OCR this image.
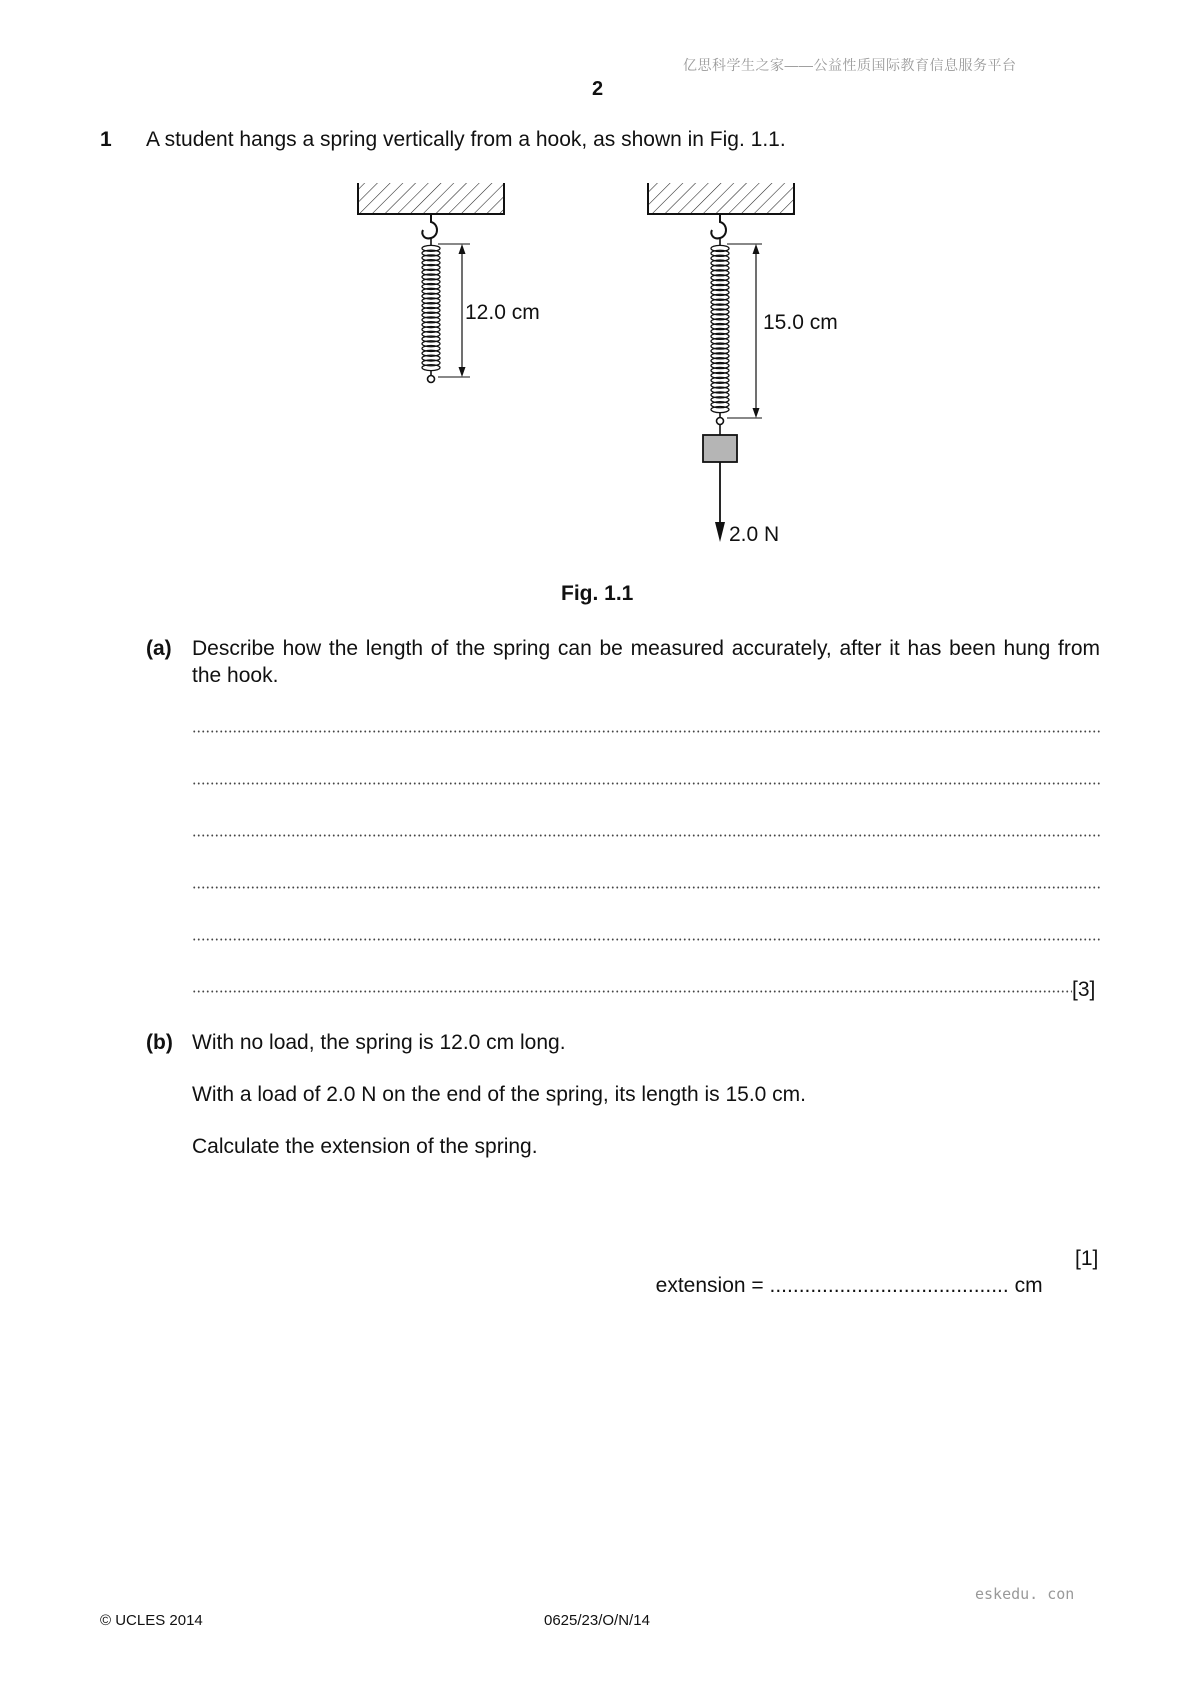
亿思科学生之家——公益性质国际教育信息服务平台
2
1 A student hangs a spring vertically from a hook, as shown in Fig. 1.1.
12.0 cm	15.0 cm
2.0 N
Fig. 1.1
(a) Describe how the length of the spring can be measured accurately, after it has been hung from the hook.
[3]
(b) With no load, the spring is 12.0 cm long.
With a load of 2.0 N on the end of the spring, its length is 15.0 cm.
Calculate the extension of the spring.

extension = ......................................... cm

[1]
eskedu. con
© UCLES 2014	0625/23/O/N/14
